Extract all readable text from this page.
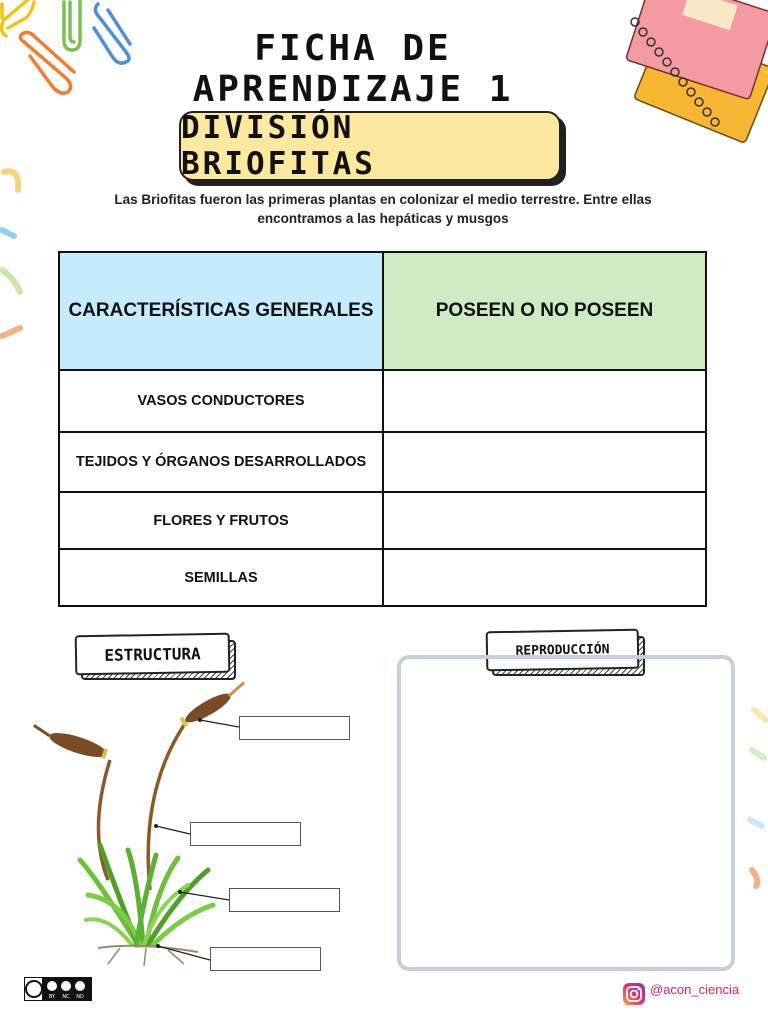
FICHA DE APRENDIZAJE 1
DIVISIÓN BRIOFITAS
Las Briofitas fueron las primeras plantas en colonizar el medio terrestre. Entre ellas encontramos a las hepáticas y musgos
CARACTERÍSTICAS GENERALES	POSEEN O NO POSEEN
VASOS CONDUCTORES
TEJIDOS Y ÓRGANOS DESARROLLADOS
FLORES Y FRUTOS
SEMILLAS
ESTRUCTURA	REPRODUCCIÓN
BY NC ND	@acon_ciencia
